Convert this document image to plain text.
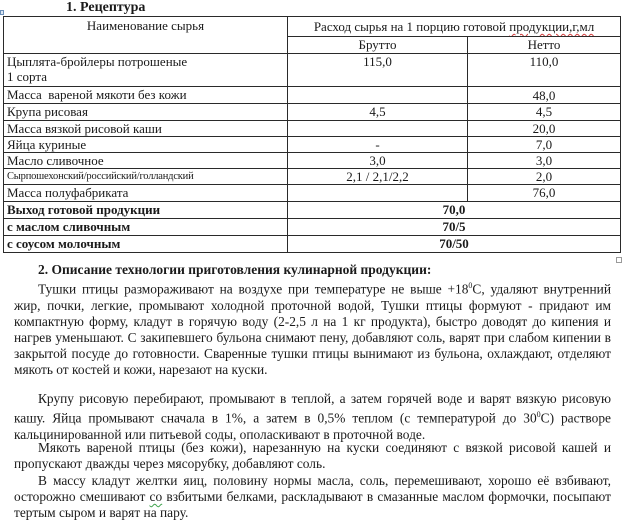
1. Рецептура
Наименование сырья	Расход сырья на 1 порцию готовой продукции,г,мл	
	Брутто	Нетто
Цыплята-бройлеры потрошеные
1 сорта	115,0	110,0
Масса  вареной мякоти без кожи		48,0
Крупа рисовая	4,5	4,5
Масса вязкой рисовой каши		20,0
Яйца куриные	-	7,0
Масло сливочное	3,0	3,0
Сырпошехонский/российский/голландский	2,1 / 2,1/2,2	2,0
Масса полуфабриката		76,0
Выход готовой продукции	70,0	
с маслом сливочным	70/5	
с соусом молочным	70/50	
2. Описание технологии приготовления кулинарной продукции:
Тушки птицы размораживают на воздухе при температуре не выше $+18^0С$, удаляют внутренний жир, почки, легкие, промывают холодной проточной водой, Тушки птицы формуют - придают им компактную форму, кладут в горячую воду (2-2,5 л на 1 кг продукта), быстро доводят до кипения и нагрев уменьшают. С закипевшего бульона снимают пену, добавляют соль, варят при слабом кипении в закрытой посуде до готовности. Сваренные тушки птицы вынимают из бульона, охлаждают, отделяют мякоть от костей и кожи, нарезают на куски.
Крупу рисовую перебирают, промывают в теплой, а затем горячей воде и варят вязкую рисовую кашу. Яйца промывают сначала в 1%, а затем в 0,5% теплом (с температурой до $30^0С$) растворе кальцинированной или питьевой соды, ополаскивают в проточной воде.
Мякоть вареной птицы (без кожи), нарезанную на куски соединяют с вязкой рисовой кашей и пропускают дважды через мясорубку, добавляют соль.
В массу кладут желтки яиц, половину нормы масла, соль, перемешивают, хорошо её взбивают, осторожно смешивают со взбитыми белками, раскладывают в смазанные маслом формочки, посыпают тертым сыром и варят на пару.
